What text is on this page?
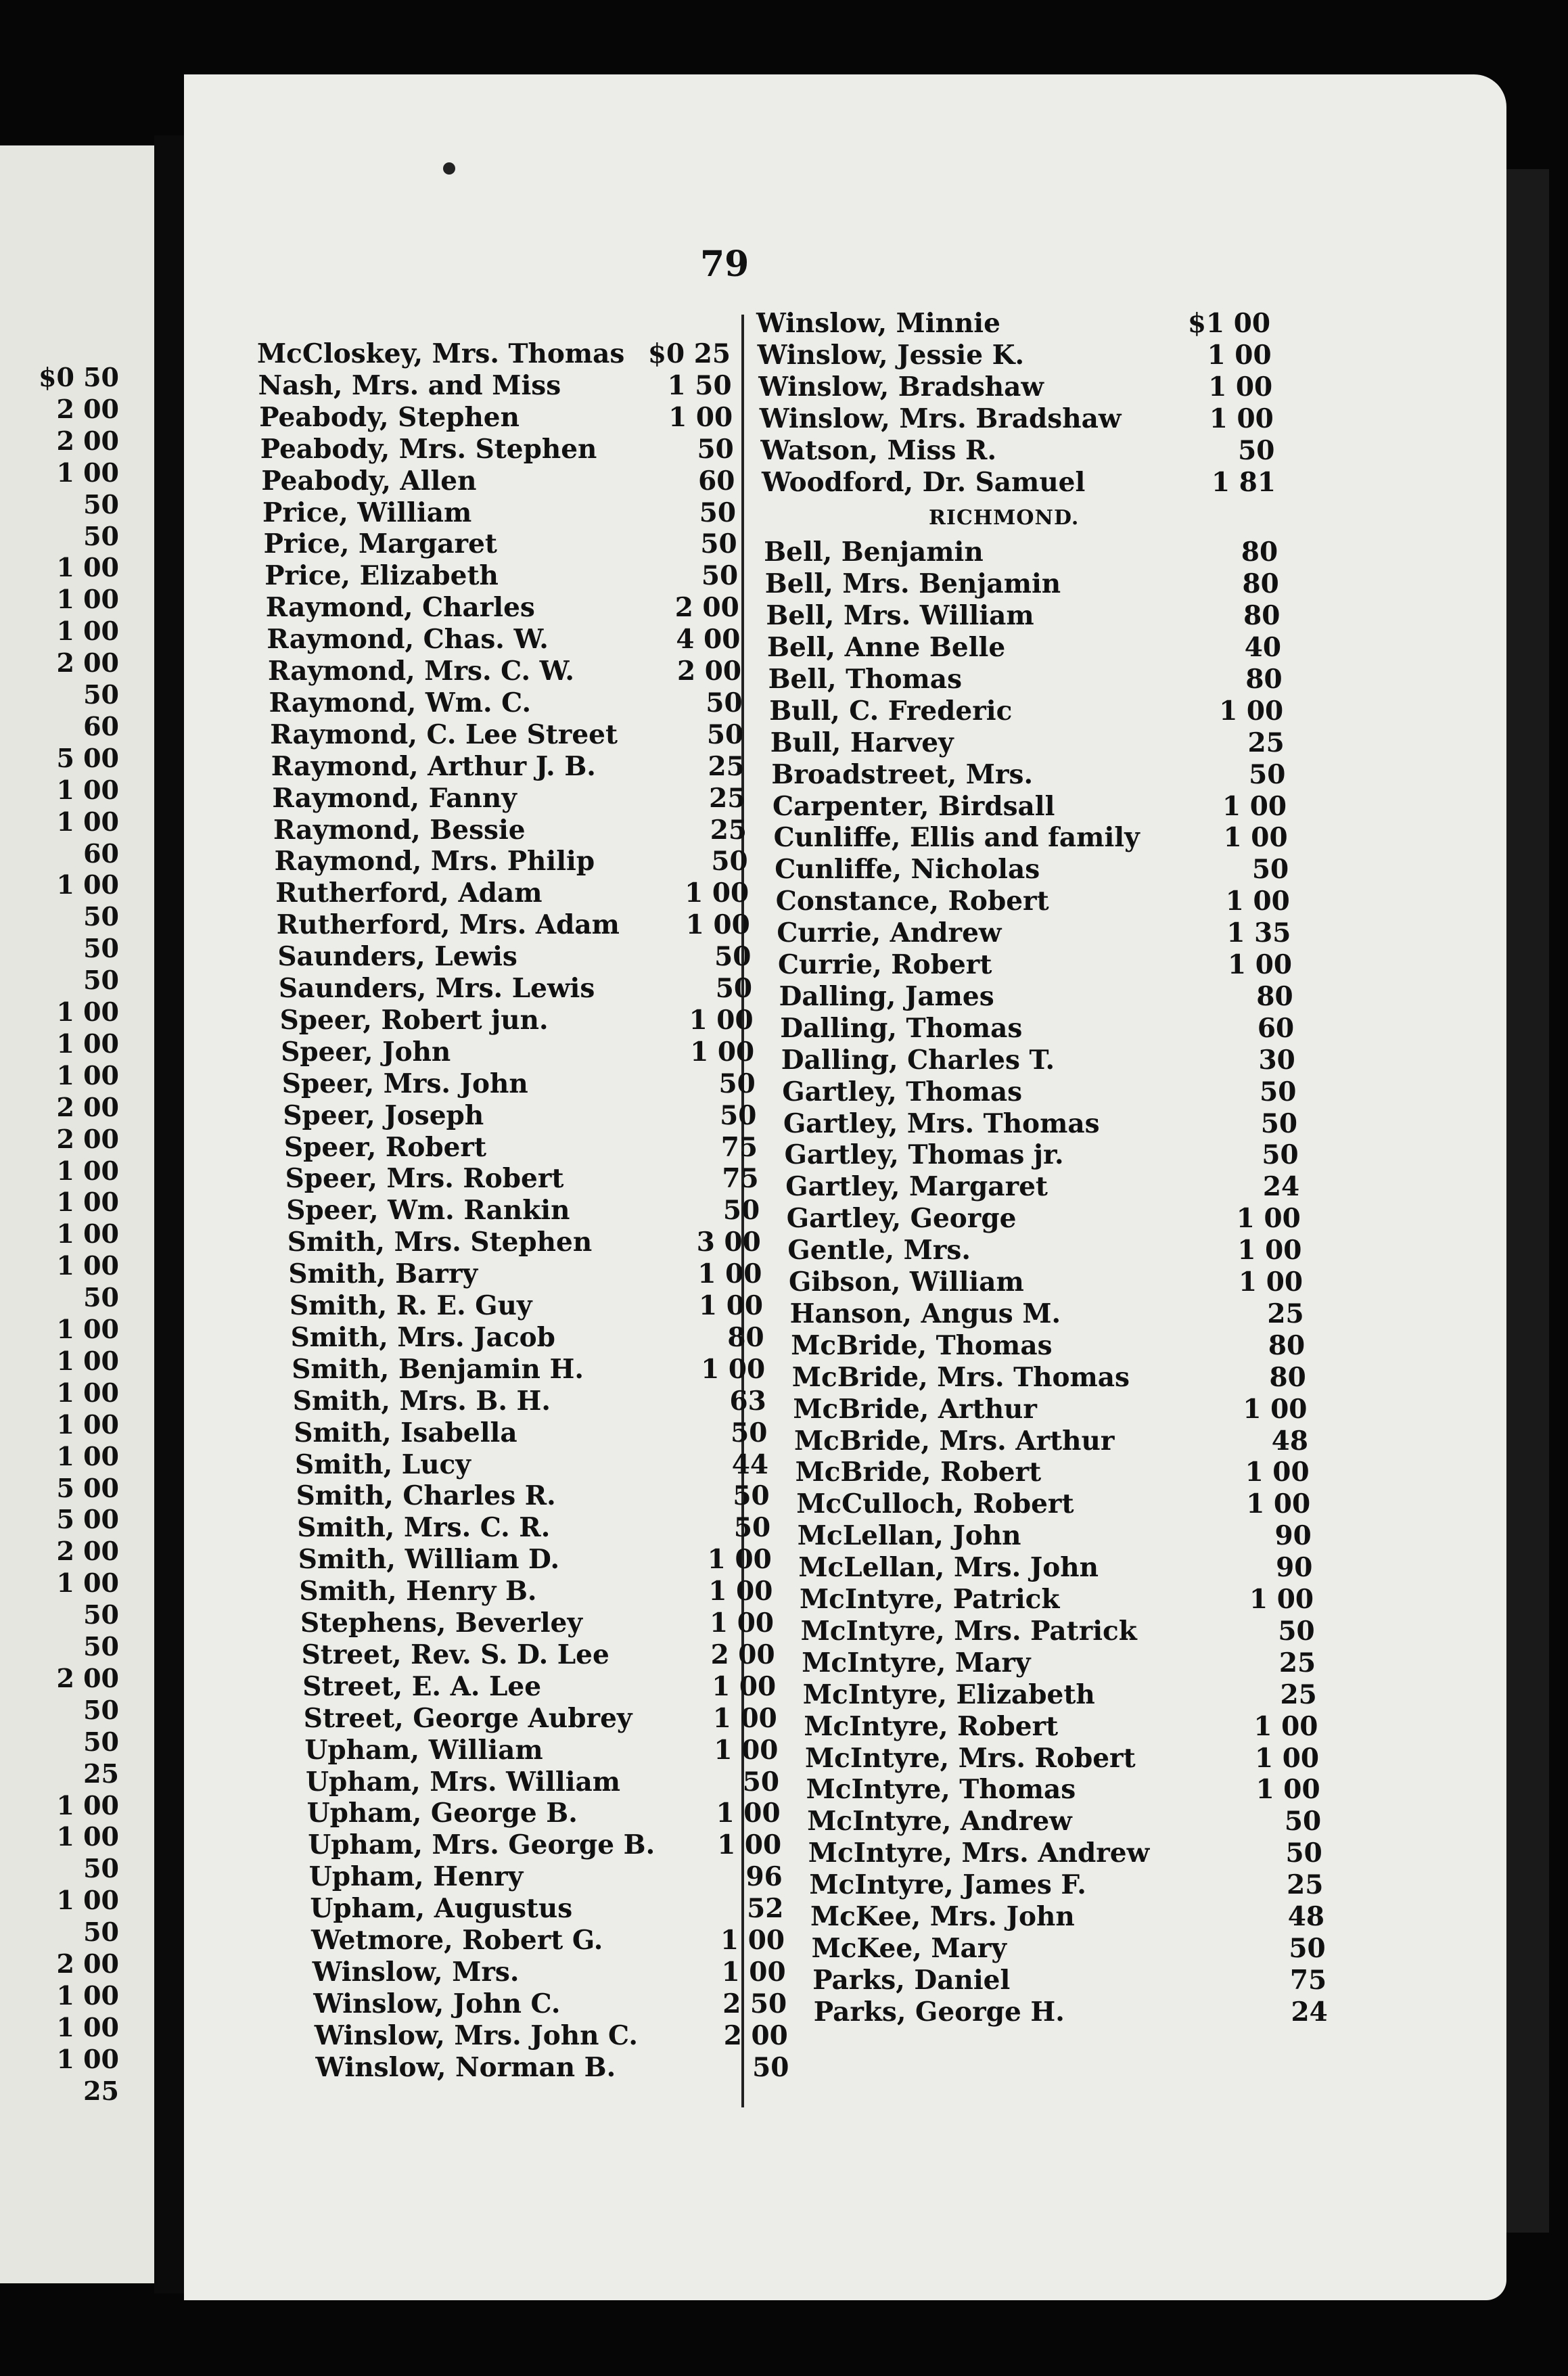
$0 50
2 00
2 00
1 00
50
50
1 00
1 00
1 00
2 00
50
60
5 00
1 00
1 00
60
1 00
50
50
50
1 00
1 00
1 00
2 00
2 00
1 00
1 00
1 00
1 00
50
1 00
1 00
1 00
1 00
1 00
5 00
5 00
2 00
1 00
50
50
2 00
50
50
25
1 00
1 00
50
1 00
50
2 00
1 00
1 00
1 00
25
79
McCloskey, Mrs. Thomas $0 25
Nash, Mrs. and Miss	1 50
Peabody, Stephen	1 00
Peabody, Mrs. Stephen	50
Peabody, Allen	60
Price, William	50
Price, Margaret	50
Price, Elizabeth	50
Raymond, Charles	2 00
Raymond, Chas. W.	4 00
Raymond, Mrs. C. W.	2 00
Raymond, Wm. C.	50
Raymond, C. Lee Street	50
Raymond, Arthur J. B.	25
Raymond, Fanny	25
Raymond, Bessie	25
Raymond, Mrs. Philip	50
Rutherford, Adam	1 00
Rutherford, Mrs. Adam	1 00
Saunders, Lewis	50
Saunders, Mrs. Lewis	50
Speer, Robert jun.	1 00
Speer, John	1 00
Speer, Mrs. John	50
Speer, Joseph	50
Speer, Robert	75
Speer, Mrs. Robert	75
Speer, Wm. Rankin	50
Smith, Mrs. Stephen	3 00
Smith, Barry	1 00
Smith, R. E. Guy	1 00
Smith, Mrs. Jacob	80
Smith, Benjamin H.	1 00
Smith, Mrs. B. H.	63
Smith, Isabella	50
Smith, Lucy	44
Smith, Charles R.	50
Smith, Mrs. C. R.	50
Smith, William D.	1 00
Smith, Henry B.	1 00
Stephens, Beverley	1 00
Street, Rev. S. D. Lee	2 00
Street, E. A. Lee	1 00
Street, George Aubrey	1 00
Upham, William	1 00
Upham, Mrs. William	50
Upham, George B.	1 00
Upham, Mrs. George B. 1 00
Upham, Henry	96
Upham, Augustus	52
Wetmore, Robert G.	1 00
Winslow, Mrs.	1 00
Winslow, John C.	2 50
Winslow, Mrs. John C.	2 00
Winslow, Norman B.	50
Winslow, Minnie	$1 00
Winslow, Jessie K.	1 00
Winslow, Bradshaw	1 00
Winslow, Mrs. Bradshaw	1 00
Watson, Miss R.	50
Woodford, Dr. Samuel	1 81
RICHMOND.
Bell, Benjamin	80
Bell, Mrs. Benjamin	80
Bell, Mrs. William	80
Bell, Anne Belle	40
Bell, Thomas	80
Bull, C. Frederic	1 00
Bull, Harvey	25
Broadstreet, Mrs.	50
Carpenter, Birdsall	1 00
Cunliffe, Ellis and family	1 00
Cunliffe, Nicholas	50
Constance, Robert	1 00
Currie, Andrew	1 35
Currie, Robert	1 00
Dalling, James	80
Dalling, Thomas	60
Dalling, Charles T.	30
Gartley, Thomas	50
Gartley, Mrs. Thomas	50
Gartley, Thomas jr.	50
Gartley, Margaret	24
Gartley, George	1 00
Gentle, Mrs.	1 00
Gibson, William	1 00
Hanson, Angus M.	25
McBride, Thomas	80
McBride, Mrs. Thomas	80
McBride, Arthur	1 00
McBride, Mrs. Arthur	48
McBride, Robert	1 00
McCulloch, Robert	1 00
McLellan, John	90
McLellan, Mrs. John	90
McIntyre, Patrick	1 00
McIntyre, Mrs. Patrick	50
McIntyre, Mary	25
McIntyre, Elizabeth	25
McIntyre, Robert	1 00
McIntyre, Mrs. Robert	1 00
McIntyre, Thomas	1 00
McIntyre, Andrew	50
McIntyre, Mrs. Andrew	50
McIntyre, James F.	25
McKee, Mrs. John	48
McKee, Mary	50
Parks, Daniel	75
Parks, George H.	24
